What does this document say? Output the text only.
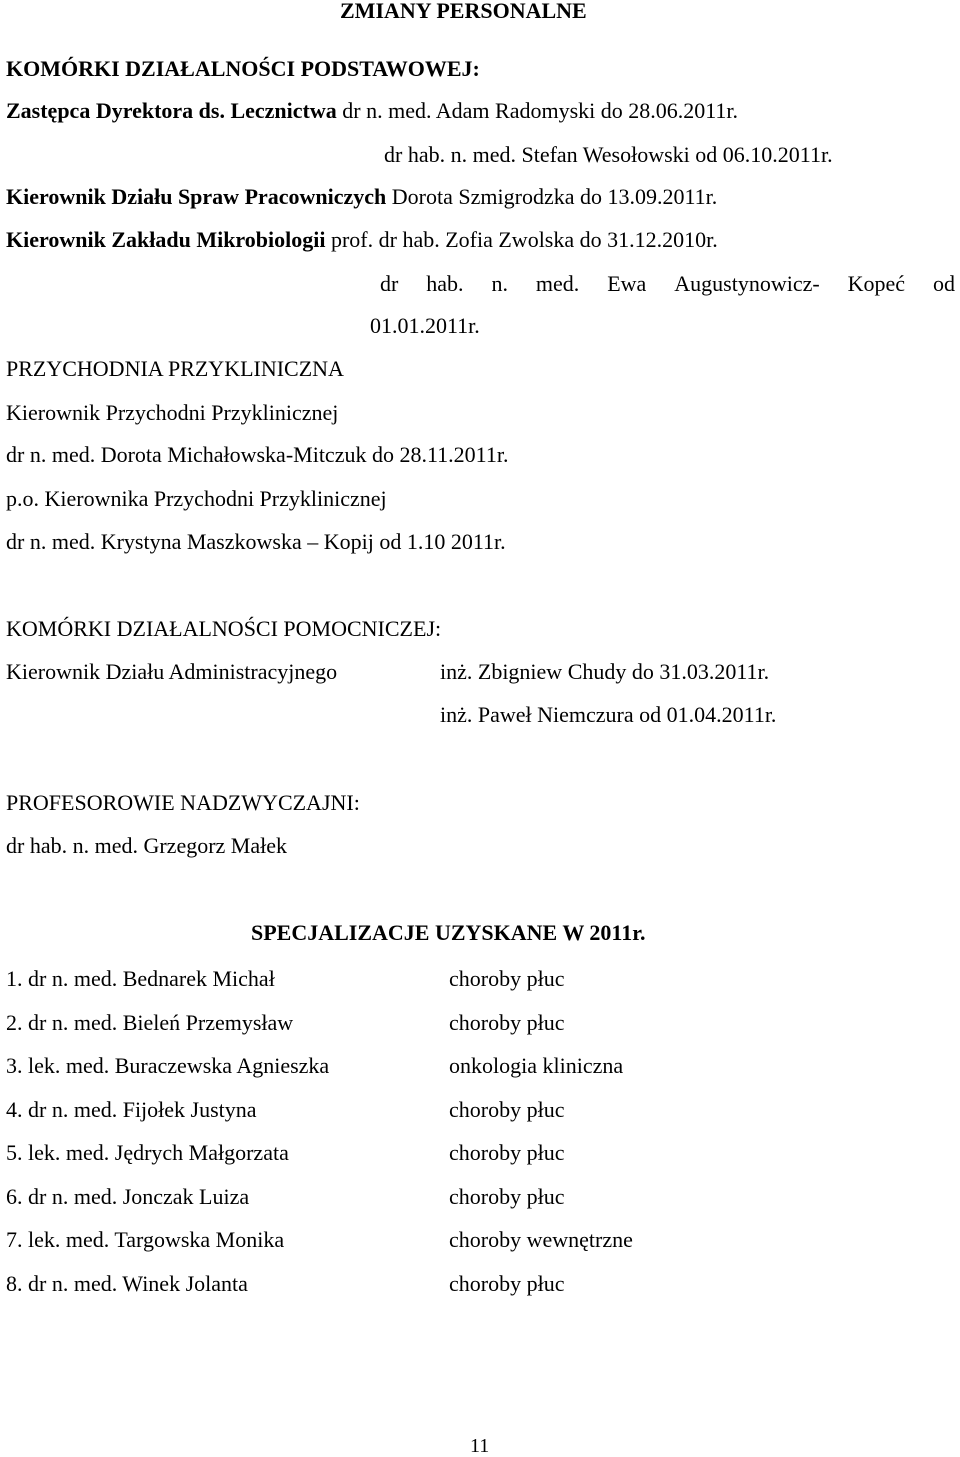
ZMIANY PERSONALNE
KOMÓRKI DZIAŁALNOŚCI PODSTAWOWEJ:
Zastępca Dyrektora ds. Lecznictwa dr n. med. Adam Radomyski do 28.06.2011r.
dr hab. n. med. Stefan Wesołowski od 06.10.2011r.
Kierownik Działu Spraw Pracowniczych Dorota Szmigrodzka do 13.09.2011r.
Kierownik Zakładu Mikrobiologii prof. dr hab. Zofia Zwolska do 31.12.2010r.
dr hab. n. med. Ewa Augustynowicz- Kopeć od
01.01.2011r.
PRZYCHODNIA PRZYKLINICZNA
Kierownik Przychodni Przyklinicznej
dr n. med. Dorota Michałowska-Mitczuk do 28.11.2011r.
p.o. Kierownika Przychodni Przyklinicznej
dr n. med. Krystyna Maszkowska – Kopij od 1.10 2011r.
KOMÓRKI DZIAŁALNOŚCI POMOCNICZEJ:
Kierownik Działu Administracyjnego	inż. Zbigniew Chudy do 31.03.2011r.
inż. Paweł Niemczura od 01.04.2011r.
PROFESOROWIE NADZWYCZAJNI:
dr hab. n. med. Grzegorz Małek
SPECJALIZACJE UZYSKANE W 2011r.
1. dr n. med. Bednarek Michał	choroby płuc
2. dr n. med. Bieleń Przemysław	choroby płuc
3. lek. med. Buraczewska Agnieszka	onkologia kliniczna
4. dr n. med. Fijołek Justyna	choroby płuc
5. lek. med. Jędrych Małgorzata	choroby płuc
6. dr n. med. Jonczak Luiza	choroby płuc
7. lek. med. Targowska Monika	choroby wewnętrzne
8. dr n. med. Winek Jolanta	choroby płuc
11
